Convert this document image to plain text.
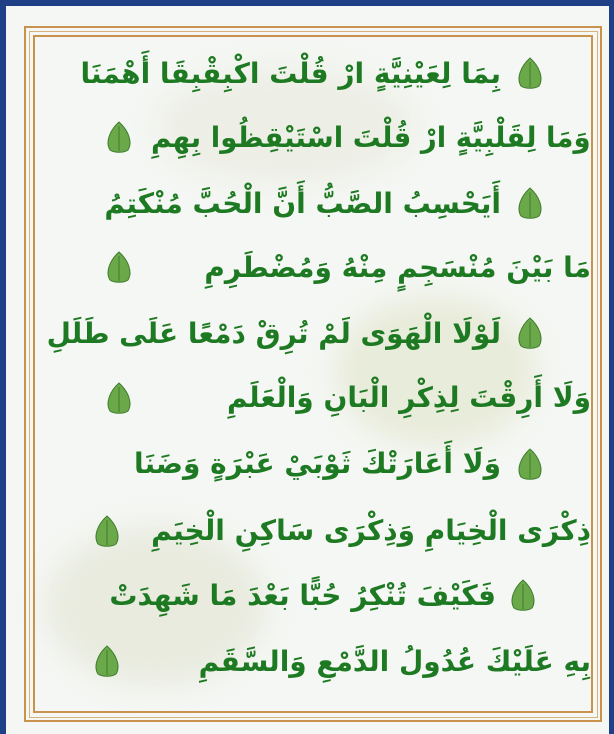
بِمَا لِعَيْنِيَّةٍ ارْ قُلْتَ اكْبِقْبِقَا أَهْمَنَا
وَمَا لِقَلْبِيَّةٍ ارْ قُلْتَ اسْتَيْقِظُوا بِهِمِ
أَيَحْسِبُ الصَّبُّ أَنَّ الْحُبَّ مُنْكَتِمُ
مَا بَيْنَ مُنْسَجِمٍ مِنْهُ وَمُضْطَرِمِ
لَوْلَا الْهَوَى لَمْ تُرِقْ دَمْعًا عَلَى طَلَلِ
وَلَا أَرِقْتَ لِذِكْرِ الْبَانِ وَالْعَلَمِ
وَلَا أَعَارَتْكَ ثَوْبَيْ عَبْرَةٍ وَضَنَا
ذِكْرَى الْخِيَامِ وَذِكْرَى سَاكِنِ الْخِيَمِ
فَكَيْفَ تُنْكِرُ حُبًّا بَعْدَ مَا شَهِدَتْ
بِهِ عَلَيْكَ عُدُولُ الدَّمْعِ وَالسَّقَمِ
